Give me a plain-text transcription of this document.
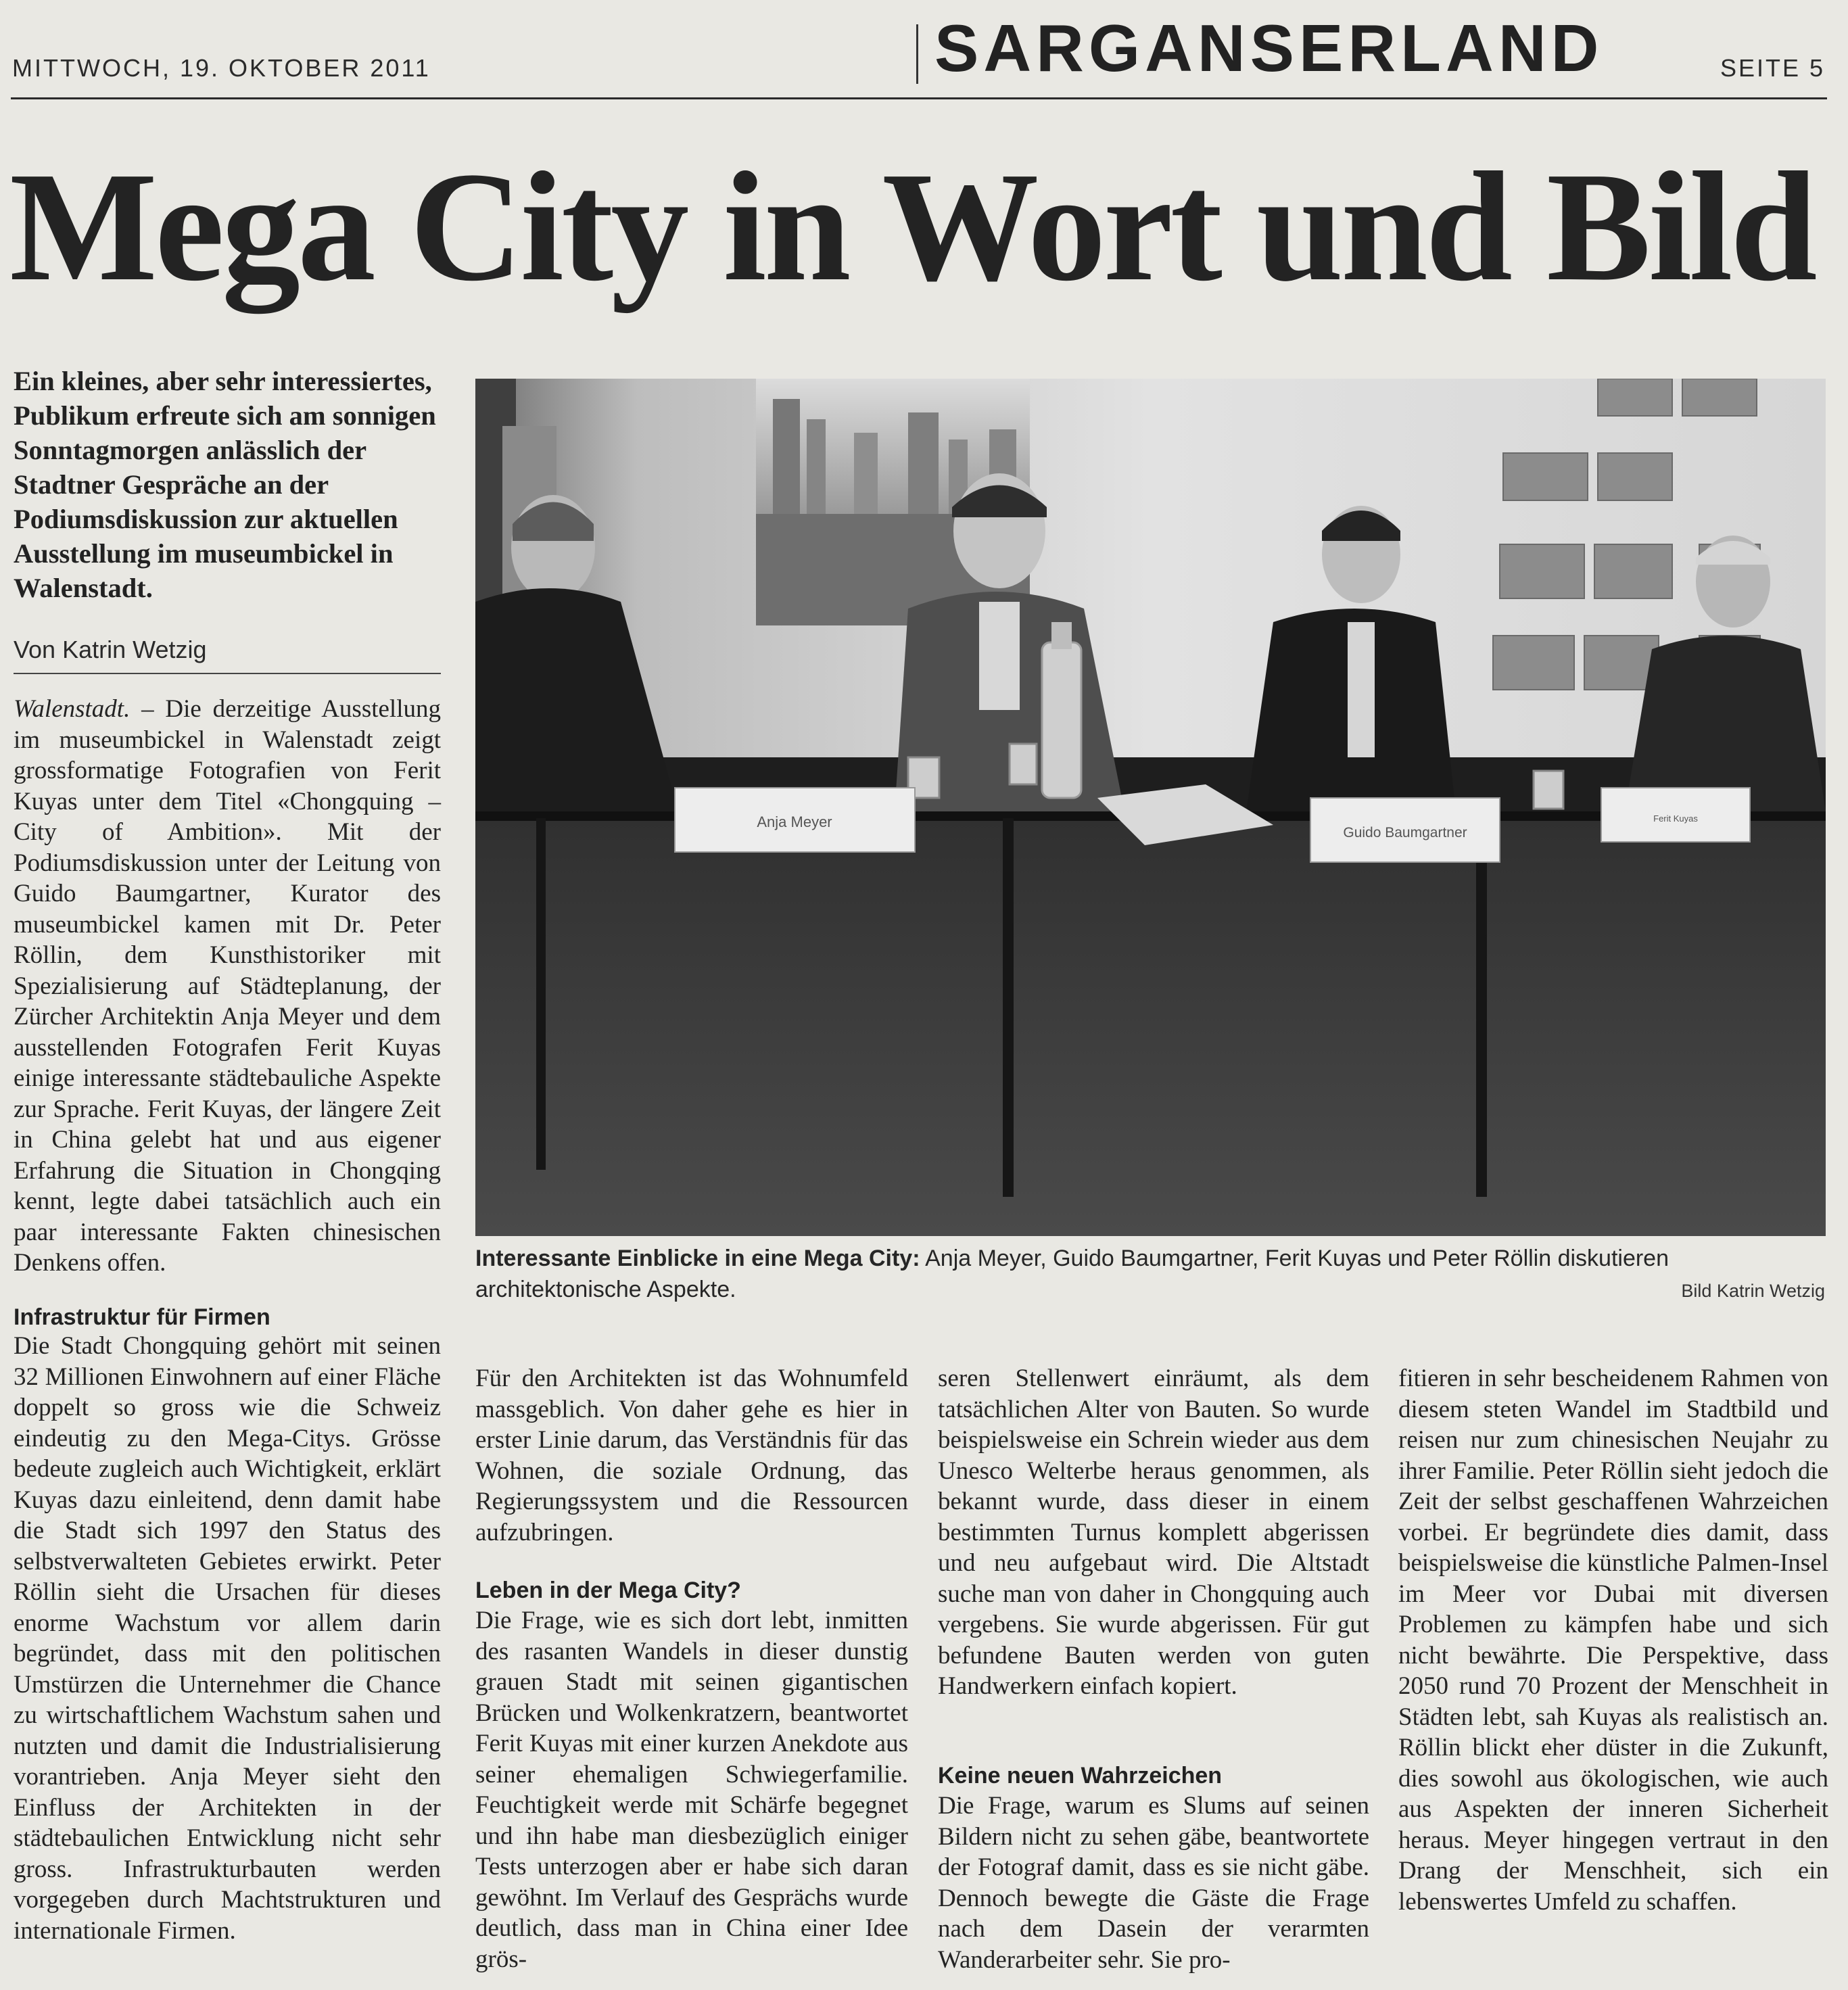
MITTWOCH, 19. OKTOBER 2011	SARGANSERLAND	SEITE 5
Mega City in Wort und Bild
Ein kleines, aber sehr interessiertes, Publikum erfreute sich am sonnigen Sonntagmorgen anlässlich der Stadtner Gespräche an der Podiumsdiskussion zur aktuellen Ausstellung im museumbickel in Walenstadt.
Von Katrin Wetzig

Walenstadt. – Die derzeitige Ausstellung im museumbickel in Walenstadt zeigt grossformatige Fotografien von Ferit Kuyas unter dem Titel «Chongquing – City of Ambition». Mit der Podiumsdiskussion unter der Leitung von Guido Baumgartner, Kurator des museumbickel kamen mit Dr. Peter Röllin, dem Kunsthistoriker mit Spezialisierung auf Städteplanung, der Zürcher Architektin Anja Meyer und dem ausstellenden Fotografen Ferit Kuyas einige interessante städtebauliche Aspekte zur Sprache. Ferit Kuyas, der längere Zeit in China gelebt hat und aus eigener Erfahrung die Situation in Chongqing kennt, legte dabei tatsächlich auch ein paar interessante Fakten chinesischen Denkens offen.

Infrastruktur für Firmen

Die Stadt Chongquing gehört mit seinen 32 Millionen Einwohnern auf einer Fläche doppelt so gross wie die Schweiz eindeutig zu den Mega-Citys. Grösse bedeute zugleich auch Wichtigkeit, erklärt Kuyas dazu einleitend, denn damit habe die Stadt sich 1997 den Status des selbstverwalteten Gebietes erwirkt. Peter Röllin sieht die Ursachen für dieses enorme Wachstum vor allem darin begründet, dass mit den politischen Umstürzen die Unternehmer die Chance zu wirtschaftlichem Wachstum sahen und nutzten und damit die Industrialisierung vorantrieben. Anja Meyer sieht den Einfluss der Architekten in der städtebaulichen Entwicklung nicht sehr gross. Infrastrukturbauten werden vorgegeben durch Machtstrukturen und internationale Firmen.

Für den Architekten ist das Wohnumfeld massgeblich. Von daher gehe es hier in erster Linie darum, das Verständnis für das Wohnen, die soziale Ordnung, das Regierungssystem und die Ressourcen aufzubringen.

Leben in der Mega City?

Die Frage, wie es sich dort lebt, inmitten des rasanten Wandels in dieser dunstig grauen Stadt mit seinen gigantischen Brücken und Wolkenkratzern, beantwortet Ferit Kuyas mit einer kurzen Anekdote aus seiner ehemaligen Schwiegerfamilie. Feuchtigkeit werde mit Schärfe begegnet und ihn habe man diesbezüglich einiger Tests unterzogen aber er habe sich daran gewöhnt. Im Verlauf des Gesprächs wurde deutlich, dass man in China einer Idee grös-

seren Stellenwert einräumt, als dem tatsächlichen Alter von Bauten. So wurde beispielsweise ein Schrein wieder aus dem Unesco Welterbe heraus genommen, als bekannt wurde, dass dieser in einem bestimmten Turnus komplett abgerissen und neu aufgebaut wird. Die Altstadt suche man von daher in Chongquing auch vergebens. Sie wurde abgerissen. Für gut befundene Bauten werden von guten Handwerkern einfach kopiert.

Keine neuen Wahrzeichen

Die Frage, warum es Slums auf seinen Bildern nicht zu sehen gäbe, beantwortete der Fotograf damit, dass es sie nicht gäbe. Dennoch bewegte die Gäste die Frage nach dem Dasein der verarmten Wanderarbeiter sehr. Sie pro-

fitieren in sehr bescheidenem Rahmen von diesem steten Wandel im Stadtbild und reisen nur zum chinesischen Neujahr zu ihrer Familie. Peter Röllin sieht jedoch die Zeit der selbst geschaffenen Wahrzeichen vorbei. Er begründete dies damit, dass beispielsweise die künstliche Palmen-Insel im Meer vor Dubai mit diversen Problemen zu kämpfen habe und sich nicht bewährte. Die Perspektive, dass 2050 rund 70 Prozent der Menschheit in Städten lebt, sah Kuyas als realistisch an. Röllin blickt eher düster in die Zukunft, dies sowohl aus ökologischen, wie auch aus Aspekten der inneren Sicherheit heraus. Meyer hingegen vertraut in den Drang der Menschheit, sich ein lebenswertes Umfeld zu schaffen.

Anja Meyer
Guido Baumgartner
Ferit Kuyas
Interessante Einblicke in eine Mega City: Anja Meyer, Guido Baumgartner, Ferit Kuyas und Peter Röllin diskutieren architektonische Aspekte.	Bild Katrin Wetzig
